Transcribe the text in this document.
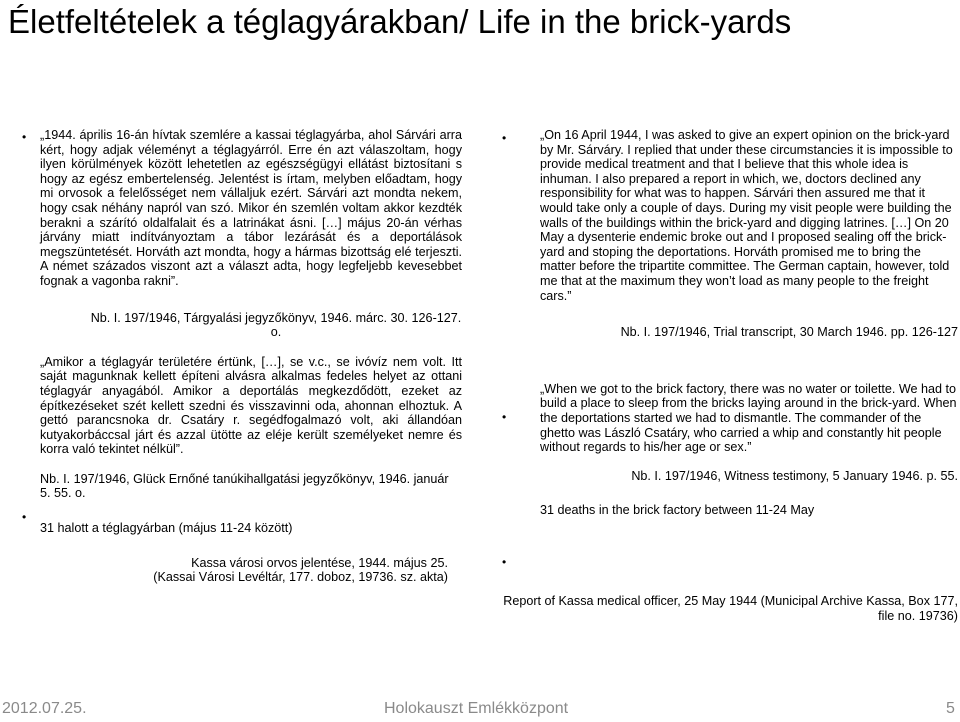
Életfeltételek a téglagyárakban/ Life in the brick-yards
•
•

„1944. április 16-án hívtak szemlére a kassai téglagyárba, ahol Sárvári arra kért, hogy adjak véleményt a téglagyárról. Erre én azt válaszoltam, hogy ilyen körülmények között lehetetlen az egészségügyi ellátást biztosítani s hogy az egész embertelenség. Jelentést is írtam, melyben előadtam, hogy mi orvosok a felelősséget nem vállaljuk ezért. Sárvári azt mondta nekem, hogy csak néhány napról van szó. Mikor én szemlén voltam akkor kezdték berakni a szárító oldalfalait és a latrinákat ásni. […] május 20-án vérhas járvány miatt indítványoztam a tábor lezárását és a deportálások megszüntetését. Horváth azt mondta, hogy a hármas bizottság elé terjeszti. A német százados viszont azt a választ adta, hogy legfeljebb kevesebbet fognak a vagonba rakni”.

Nb. I. 197/1946, Tárgyalási jegyzőkönyv, 1946. márc. 30. 126-127. o.

„Amikor a téglagyár területére értünk, […], se v.c., se ivóvíz nem volt. Itt saját magunknak kellett építeni alvásra alkalmas fedeles helyet az ottani téglagyár anyagából. Amikor a deportálás megkezdődött, ezeket az építkezéseket szét kellett szedni és visszavinni oda, ahonnan elhoztuk. A gettó parancsnoka dr. Csatáry r. segédfogalmazó volt, aki állandóan kutyakorbáccsal járt és azzal ütötte az eléje került személyeket nemre és korra való tekintet nélkül”.

Nb. I. 197/1946, Glück Ernőné tanúkihallgatási jegyzőkönyv, 1946. január 5. 55. o.

31 halott a téglagyárban (május 11-24 között)

Kassa városi orvos jelentése, 1944. május 25.

(Kassai Városi Levéltár, 177. doboz, 19736. sz. akta)

•
•
•

„On 16 April 1944, I was asked to give an expert opinion on the brick-yard by Mr. Sárváry. I replied that under these circumstancies it is impossible to provide medical treatment and that I believe that this whole idea is inhuman. I also prepared a report in which, we, doctors declined any responsibility for what was to happen. Sárvári then assured me that it would take only a couple of days. During my visit people were building the walls of the buildings within the brick-yard and digging latrines. […] On 20 May a dysenterie endemic broke out and I proposed sealing off the brick-yard and stoping the deportations. Horváth promised me to bring the matter before the tripartite committee. The German captain, however, told me that at the maximum they won’t load as many people to the freight cars.”

Nb. I. 197/1946, Trial transcript, 30 March 1946. pp. 126-127

„When we got to the brick factory, there was no water or toilette. We had to build a place to sleep from the bricks laying around in the brick-yard. When the deportations started we had to dismantle. The commander of the ghetto was László Csatáry, who carried a whip and constantly hit people without regards to his/her age or sex.”

Nb. I. 197/1946, Witness testimony, 5 January 1946. p. 55.

31 deaths in the brick factory between 11-24 May

Report of Kassa medical officer, 25 May 1944 (Municipal Archive Kassa, Box 177,
file no. 19736)
2012.07.25.	Holokauszt Emlékközpont	5
